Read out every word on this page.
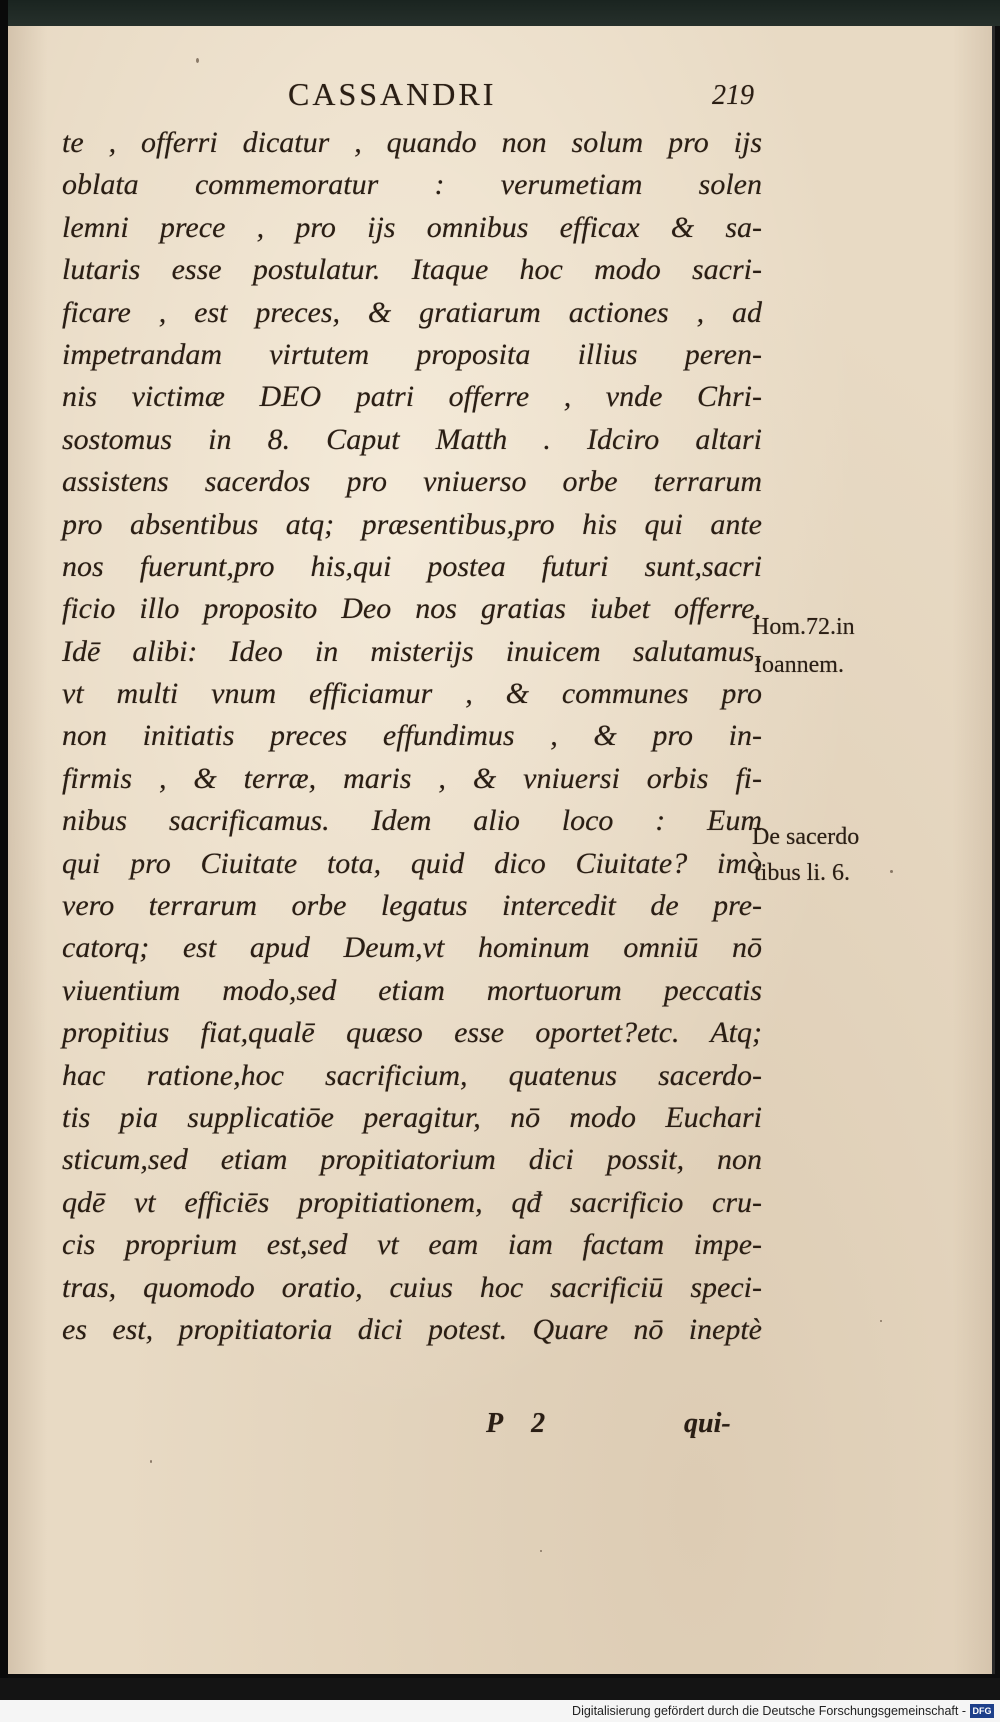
CASSANDRI	219
te , offerri dicatur , quando non solum pro ijs
oblata commemoratur : verumetiam solen
lemni prece , pro ijs omnibus efficax & sa-
lutaris esse postulatur. Itaque hoc modo sacri-
ficare , est preces, & gratiarum actiones , ad
impetrandam virtutem proposita illius peren-
nis victimæ DEO patri offerre , vnde Chri-
sostomus in 8. Caput Matth . Idciro altari
assistens sacerdos pro vniuerso orbe terrarum
pro absentibus atq; præsentibus,pro his qui ante
nos fuerunt,pro his,qui postea futuri sunt,sacri
ficio illo proposito Deo nos gratias iubet offerre.
Idē alibi: Ideo in misterijs inuicem salutamus,
vt multi vnum efficiamur , & communes pro
non initiatis preces effundimus , & pro in-
firmis , & terræ, maris , & vniuersi orbis fi-
nibus sacrificamus. Idem alio loco : Eum
qui pro Ciuitate tota, quid dico Ciuitate? imò
vero terrarum orbe legatus intercedit de pre-
catorq; est apud Deum,vt hominum omniū nō
viuentium modo,sed etiam mortuorum peccatis
propitius fiat,qualē quæso esse oportet?etc. Atq;
hac ratione,hoc sacrificium, quatenus sacerdo-
tis pia supplicatiōe peragitur, nō modo Euchari
sticum,sed etiam propitiatorium dici possit, non
qdē vt efficiēs propitiationem, qđ sacrificio cru-
cis proprium est,sed vt eam iam factam impe-
tras, quomodo oratio, cuius hoc sacrificiū speci-
es est, propitiatoria dici potest. Quare nō ineptè
Hom.72.in
Ioannem.
De sacerdo
tibus li. 6.
P 2	qui-
Digitalisierung gefördert durch die Deutsche Forschungsgemeinschaft - DFG
